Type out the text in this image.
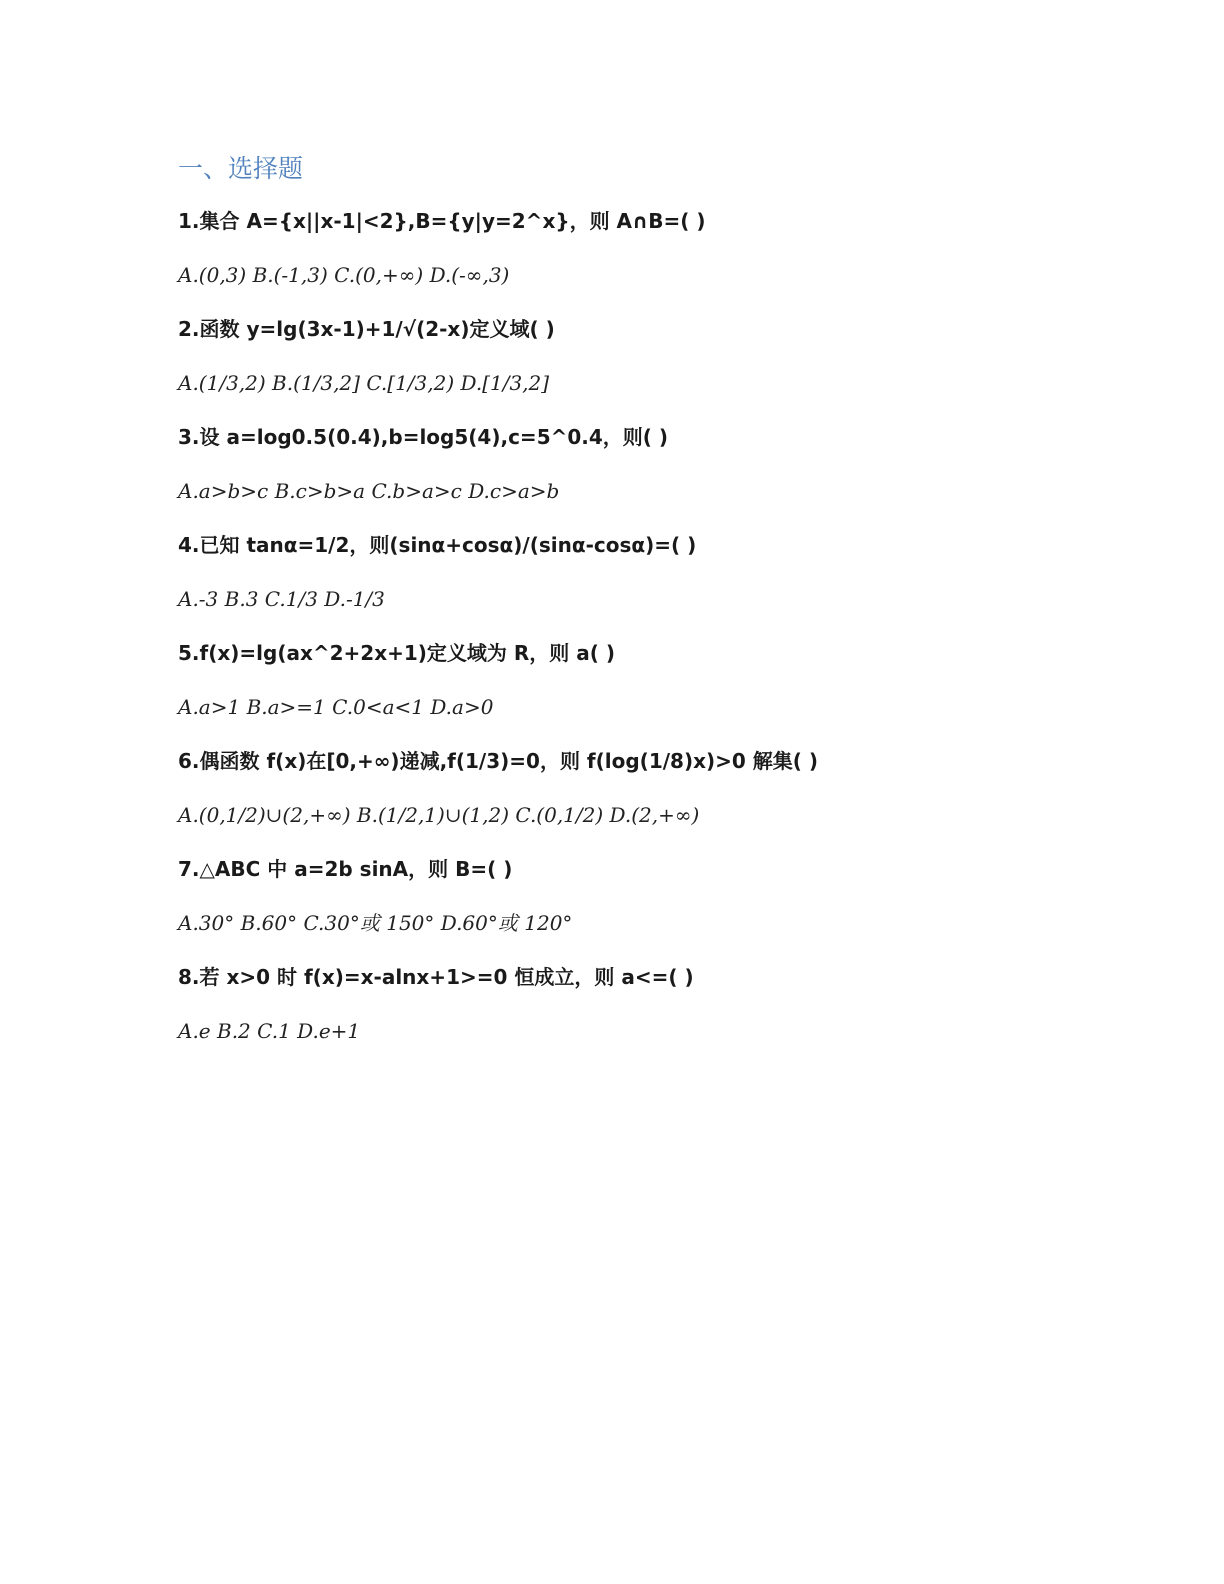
一、选择题
1.集合 A={x||x-1|<2},B={y|y=2^x}，则 A∩B=( )
A.(0,3) B.(-1,3) C.(0,+∞) D.(-∞,3)
2.函数 y=lg(3x-1)+1/√(2-x)定义域( )
A.(1/3,2) B.(1/3,2] C.[1/3,2) D.[1/3,2]
3.设 a=log0.5(0.4),b=log5(4),c=5^0.4，则( )
A.a>b>c B.c>b>a C.b>a>c D.c>a>b
4.已知 tanα=1/2，则(sinα+cosα)/(sinα-cosα)=( )
A.-3 B.3 C.1/3 D.-1/3
5.f(x)=lg(ax^2+2x+1)定义域为 R，则 a( )
A.a>1 B.a>=1 C.0<a<1 D.a>0
6.偶函数 f(x)在[0,+∞)递减,f(1/3)=0，则 f(log(1/8)x)>0 解集( )
A.(0,1/2)∪(2,+∞) B.(1/2,1)∪(1,2) C.(0,1/2) D.(2,+∞)
7.△ABC 中 a=2b sinA，则 B=( )
A.30° B.60° C.30°或 150° D.60°或 120°
8.若 x>0 时 f(x)=x-alnx+1>=0 恒成立，则 a<=( )
A.e B.2 C.1 D.e+1
